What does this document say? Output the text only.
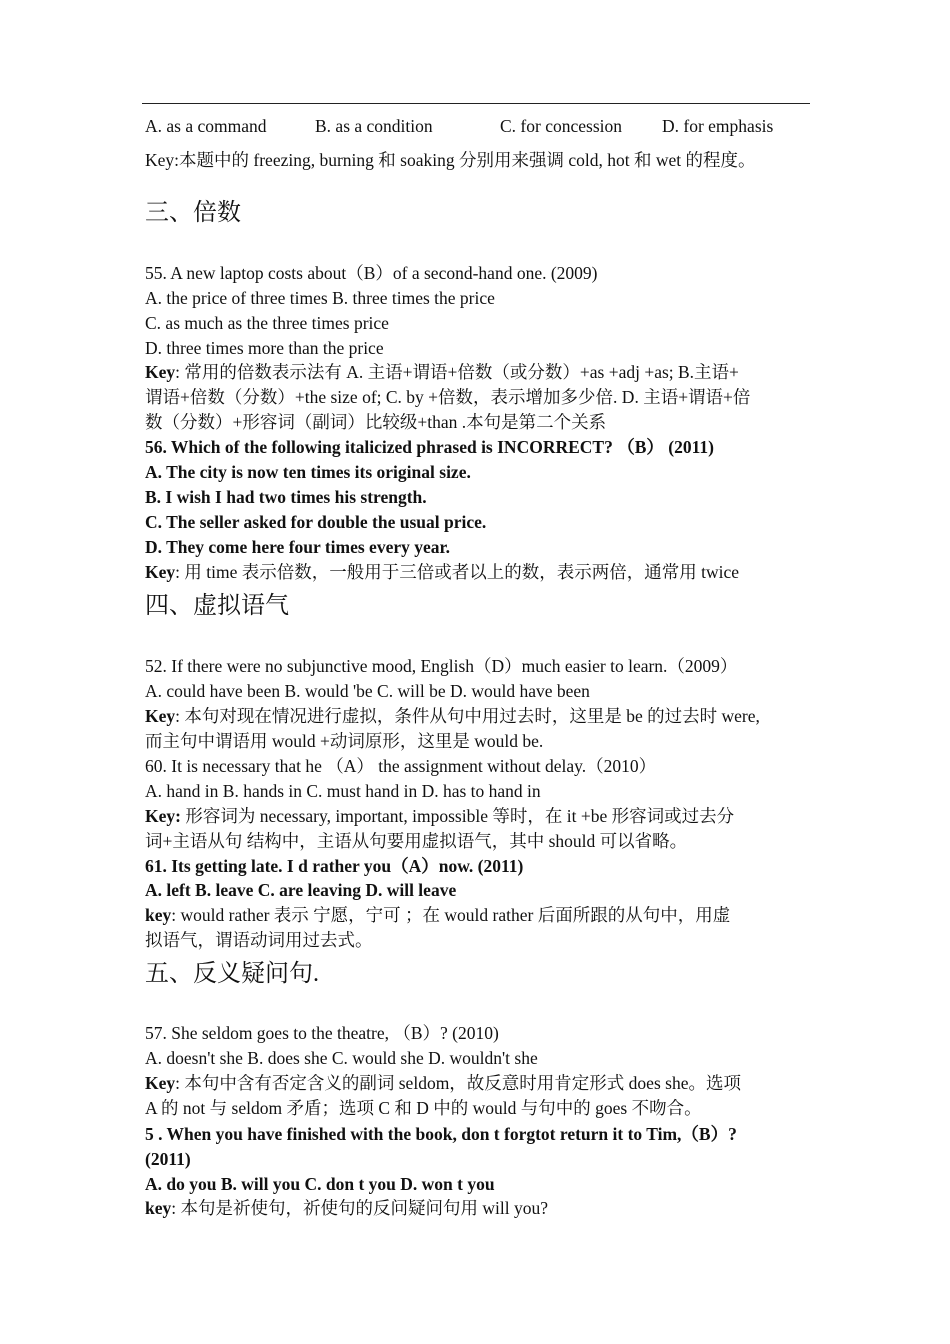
A. as a command	B. as a condition	C. for concession D. for emphasis
Key:本题中的 freezing, burning 和 soaking 分别用来强调 cold, hot 和 wet 的程度。
三、倍数
55. A new laptop costs about（B）of a second-hand one. (2009)
A. the price of three times B. three times the price
C. as much as the three times price
D. three times more than the price
Key: 常用的倍数表示法有 A. 主语+谓语+倍数（或分数）+as +adj +as; B.主语+
谓语+倍数（分数）+the size of; C. by +倍数，表示增加多少倍. D. 主语+谓语+倍
数（分数）+形容词（副词）比较级+than .本句是第二个关系
56. Which of the following italicized phrased is INCORRECT? （B） (2011)
A. The city is now ten times its original size.
B. I wish I had two times his strength.
C. The seller asked for double the usual price.
D. They come here four times every year.
Key: 用 time 表示倍数，一般用于三倍或者以上的数，表示两倍，通常用 twice
四、虚拟语气
52. If there were no subjunctive mood, English（D）much easier to learn.（2009）
A. could have been B. would 'be C. will be D. would have been
Key: 本句对现在情况进行虚拟，条件从句中用过去时，这里是 be 的过去时 were,
而主句中谓语用 would +动词原形，这里是 would be.
60. It is necessary that he （A） the assignment without delay.（2010）
A. hand in B. hands in C. must hand in D. has to hand in
Key: 形容词为 necessary, important, impossible 等时，在 it +be 形容词或过去分
词+主语从句 结构中，主语从句要用虚拟语气，其中 should 可以省略。
61. Its getting late. I d rather you（A）now. (2011)
A. left B. leave C. are leaving D. will leave
key: would rather 表示 宁愿，宁可 ；在 would rather 后面所跟的从句中，用虚
拟语气，谓语动词用过去式。
五、反义疑问句.
57. She seldom goes to the theatre, （B）? (2010)
A. doesn't she B. does she C. would she D. wouldn't she
Key: 本句中含有否定含义的副词 seldom，故反意时用肯定形式 does she。选项
A 的 not 与 seldom 矛盾；选项 C 和 D 中的 would 与句中的 goes 不吻合。
5 . When you have finished with the book, don t forgtot return it to Tim,（B）?
(2011)
A. do you B. will you C. don t you D. won t you
key: 本句是祈使句，祈使句的反问疑问句用 will you?
